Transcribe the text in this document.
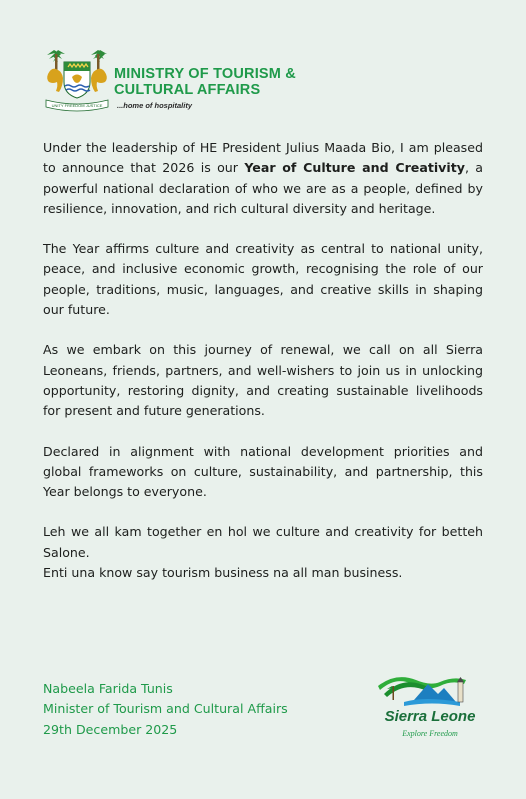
UNITY FREEDOM JUSTICE
MINISTRY OF TOURISM &
CULTURAL AFFAIRS
...home of hospitality

Under the leadership of HE President Julius Maada Bio, I am pleased to announce that 2026 is our Year of Culture and Creativity, a powerful national declaration of who we are as a people, defined by resilience, innovation, and rich cultural diversity and heritage.

The Year affirms culture and creativity as central to national unity, peace, and inclusive economic growth, recognising the role of our people, traditions, music, languages, and creative skills in shaping our future.

As we embark on this journey of renewal, we call on all Sierra Leoneans, friends, partners, and well-wishers to join us in unlocking opportunity, restoring dignity, and creating sustainable livelihoods for present and future generations.

Declared in alignment with national development priorities and global frameworks on culture, sustainability, and partnership, this Year belongs to everyone.

Leh we all kam together en hol we culture and creativity for betteh Salone.

Enti una know say tourism business na all man business.

Nabeela Farida Tunis
Minister of Tourism and Cultural Affairs
29th December 2025
Sierra Leone
Explore Freedom
